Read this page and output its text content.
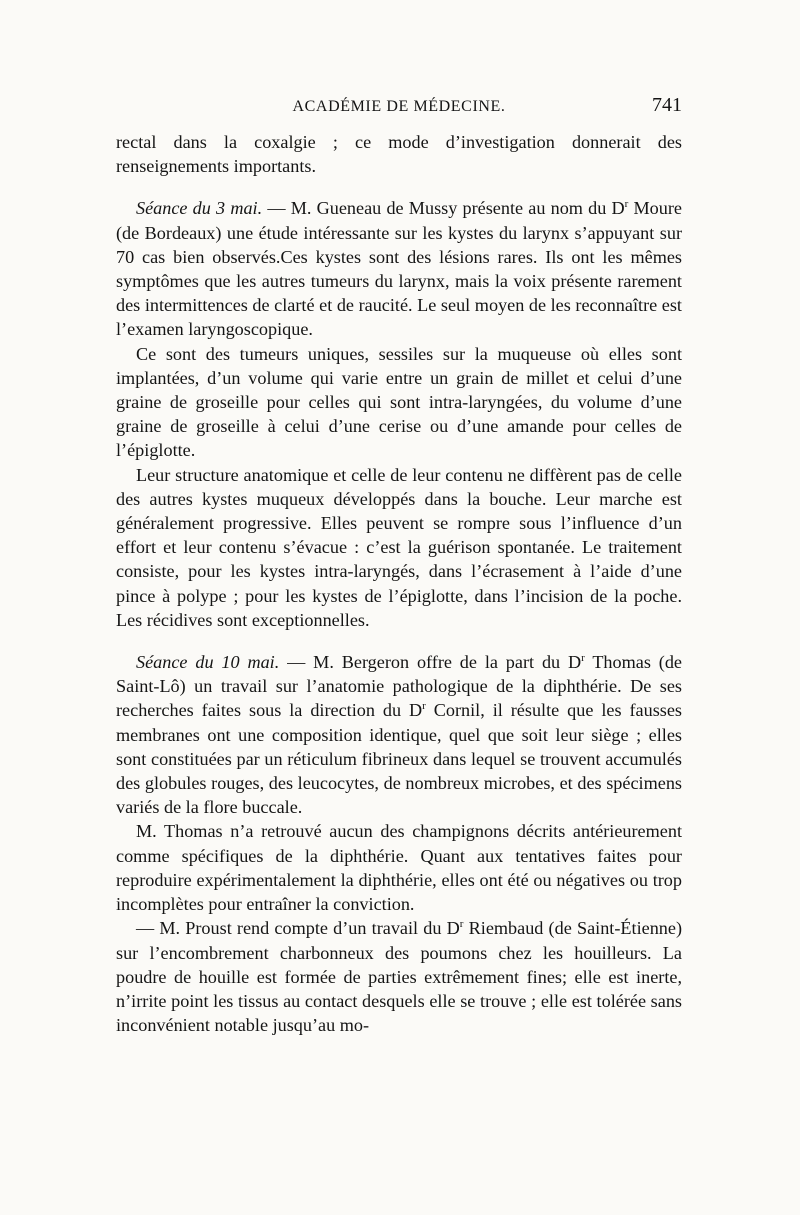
ACADÉMIE DE MÉDECINE.	741

rectal dans la coxalgie ; ce mode d’investigation donnerait des renseignements importants.

Séance du 3 mai. — M. Gueneau de Mussy présente au nom du $D^r$ Moure (de Bordeaux) une étude intéressante sur les kystes du larynx s’appuyant sur 70 cas bien observés.Ces kystes sont des lésions rares. Ils ont les mêmes symptômes que les autres tumeurs du larynx, mais la voix présente rarement des intermittences de clarté et de raucité. Le seul moyen de les reconnaître est l’examen laryngoscopique.

Ce sont des tumeurs uniques, sessiles sur la muqueuse où elles sont implantées, d’un volume qui varie entre un grain de millet et celui d’une graine de groseille pour celles qui sont intra-laryngées, du volume d’une graine de groseille à celui d’une cerise ou d’une amande pour celles de l’épiglotte.

Leur structure anatomique et celle de leur contenu ne diffèrent pas de celle des autres kystes muqueux développés dans la bouche. Leur marche est généralement progressive. Elles peuvent se rompre sous l’influence d’un effort et leur contenu s’évacue : c’est la guérison spontanée. Le traitement consiste, pour les kystes intra-laryngés, dans l’écrasement à l’aide d’une pince à polype ; pour les kystes de l’épiglotte, dans l’incision de la poche. Les récidives sont exceptionnelles.

Séance du 10 mai. — M. Bergeron offre de la part du $D^r$ Thomas (de Saint-Lô) un travail sur l’anatomie pathologique de la diphthérie. De ses recherches faites sous la direction du $D^r$ Cornil, il résulte que les fausses membranes ont une composition identique, quel que soit leur siège ; elles sont constituées par un réticulum fibrineux dans lequel se trouvent accumulés des globules rouges, des leucocytes, de nombreux microbes, et des spécimens variés de la flore buccale.

M. Thomas n’a retrouvé aucun des champignons décrits antérieurement comme spécifiques de la diphthérie. Quant aux tentatives faites pour reproduire expérimentalement la diphthérie, elles ont été ou négatives ou trop incomplètes pour entraîner la conviction.

— M. Proust rend compte d’un travail du $D^r$ Riembaud (de Saint-Étienne) sur l’encombrement charbonneux des poumons chez les houilleurs. La poudre de houille est formée de parties extrêmement fines; elle est inerte, n’irrite point les tissus au contact desquels elle se trouve ; elle est tolérée sans inconvénient notable jusqu’au mo-
